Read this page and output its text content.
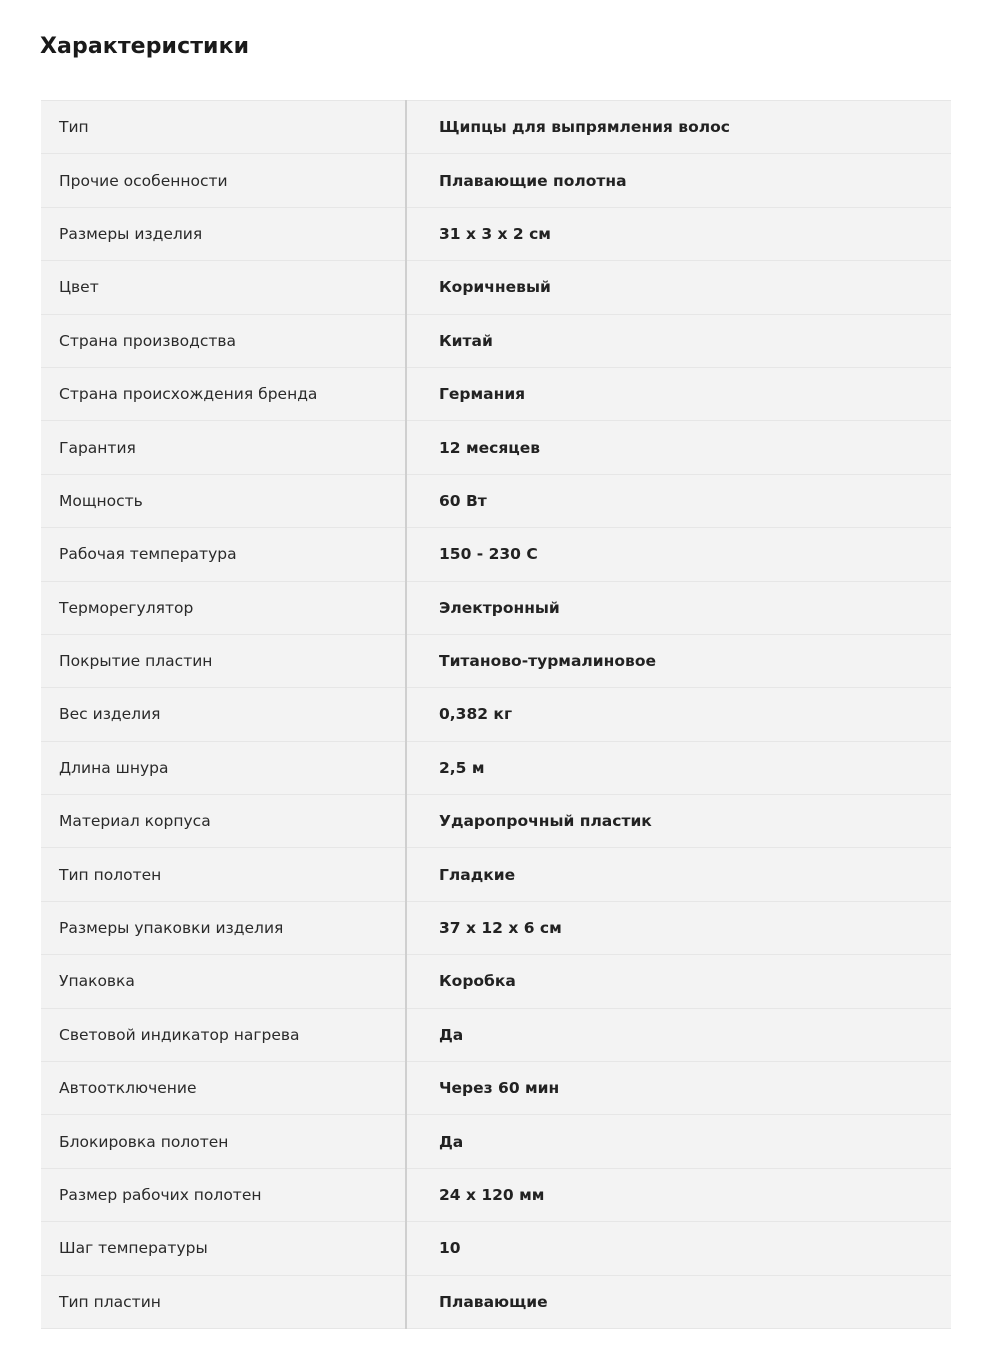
Характеристики
Тип	Щипцы для выпрямления волос
Прочие особенности	Плавающие полотна
Размеры изделия	31 x 3 x 2 см
Цвет	Коричневый
Страна производства	Китай
Страна происхождения бренда	Германия
Гарантия	12 месяцев
Мощность	60 Вт
Рабочая температура	150 - 230 С
Терморегулятор	Электронный
Покрытие пластин	Титаново-турмалиновое
Вес изделия	0,382 кг
Длина шнура	2,5 м
Материал корпуса	Ударопрочный пластик
Тип полотен	Гладкие
Размеры упаковки изделия	37 x 12 x 6 см
Упаковка	Коробка
Световой индикатор нагрева	Да
Автоотключение	Через 60 мин
Блокировка полотен	Да
Размер рабочих полотен	24 x 120 мм
Шаг температуры	10
Тип пластин	Плавающие
